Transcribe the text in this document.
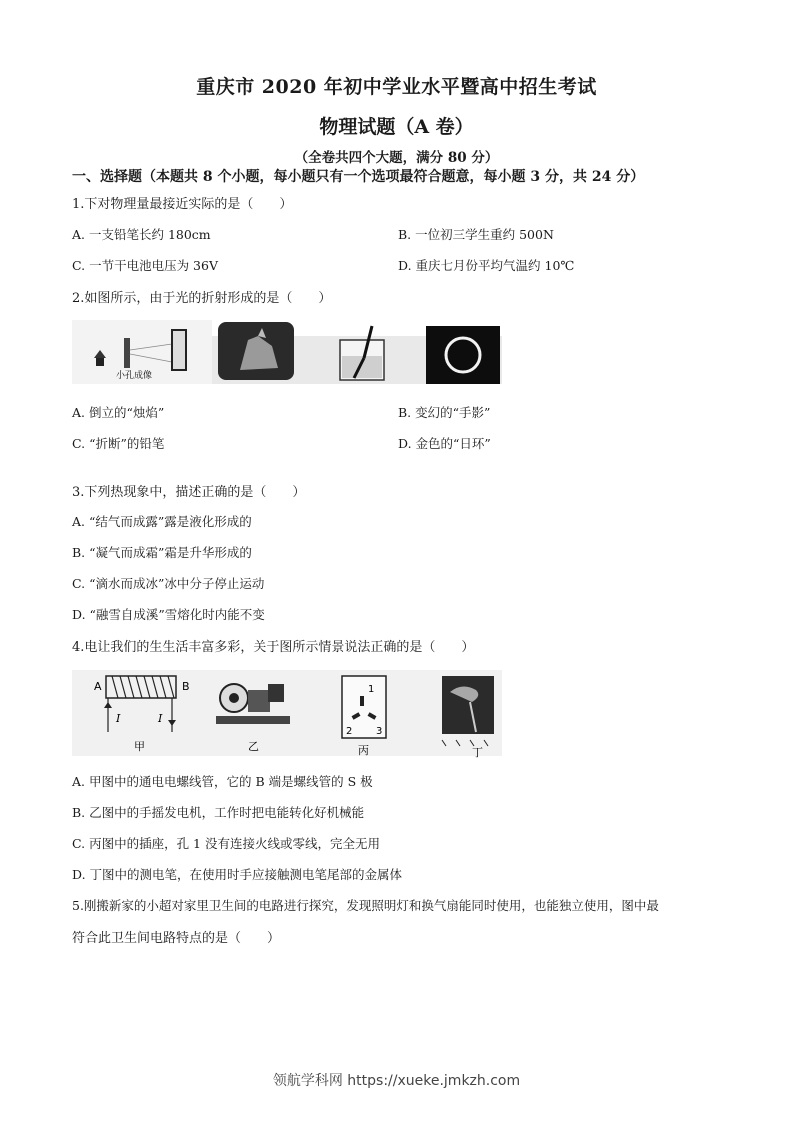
重庆市 2020 年初中学业水平暨高中招生考试
物理试题（A 卷）
（全卷共四个大题，满分 80 分）
一、选择题（本题共 8 个小题，每小题只有一个选项最符合题意，每小题 3 分，共 24 分）
1.下对物理量最接近实际的是（　　）
A. 一支铅笔长约 180cm	B. 一位初三学生重约 500N
C. 一节干电池电压为 36V	D. 重庆七月份平均气温约 10℃
2.如图所示，由于光的折射形成的是（　　）
小孔成像
A. 倒立的“烛焰”	B. 变幻的“手影”
C. “折断”的铅笔	D. 金色的“日环”
3.下列热现象中，描述正确的是（　　）
A. “结气而成露”露是液化形成的
B. “凝气而成霜”霜是升华形成的
C. “滴水而成冰”冰中分子停止运动
D. “融雪自成溪”雪熔化时内能不变
4.电让我们的生生活丰富多彩，关于图所示情景说法正确的是（　　）
A	B
I	I
甲	乙
1
2 3
丙	丁
A. 甲图中的通电电螺线管，它的 B 端是螺线管的 S 极
B. 乙图中的手摇发电机，工作时把电能转化好机械能
C. 丙图中的插座，孔 1 没有连接火线或零线，完全无用
D. 丁图中的测电笔，在使用时手应接触测电笔尾部的金属体
5.刚搬新家的小超对家里卫生间的电路进行探究，发现照明灯和换气扇能同时使用，也能独立使用，图中最
符合此卫生间电路特点的是（　　）
领航学科网 https://xueke.jmkzh.com
